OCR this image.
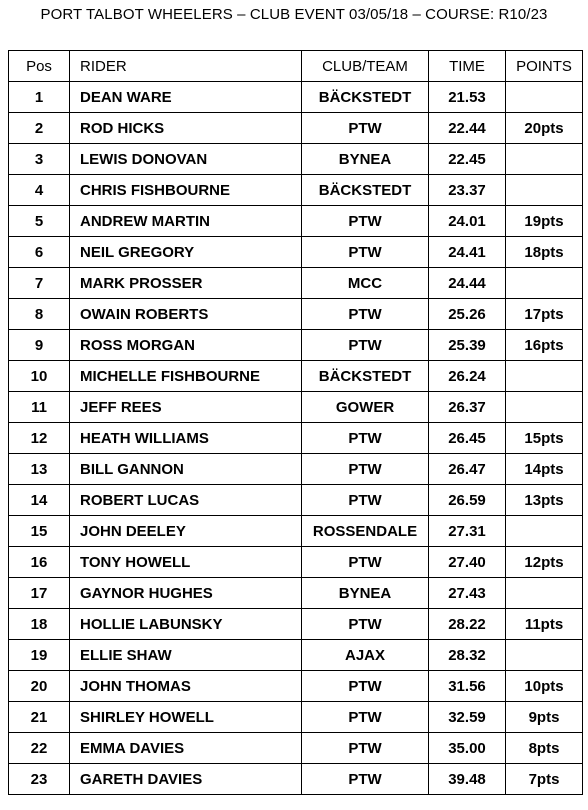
PORT TALBOT WHEELERS – CLUB EVENT 03/05/18 – COURSE: R10/23
Pos	RIDER	CLUB/TEAM	TIME	POINTS
1	DEAN WARE	BÄCKSTEDT	21.53	
2	ROD HICKS	PTW	22.44	20pts
3	LEWIS DONOVAN	BYNEA	22.45	
4	CHRIS FISHBOURNE	BÄCKSTEDT	23.37	
5	ANDREW MARTIN	PTW	24.01	19pts
6	NEIL GREGORY	PTW	24.41	18pts
7	MARK PROSSER	MCC	24.44	
8	OWAIN ROBERTS	PTW	25.26	17pts
9	ROSS MORGAN	PTW	25.39	16pts
10	MICHELLE FISHBOURNE	BÄCKSTEDT	26.24	
11	JEFF REES	GOWER	26.37	
12	HEATH WILLIAMS	PTW	26.45	15pts
13	BILL GANNON	PTW	26.47	14pts
14	ROBERT LUCAS	PTW	26.59	13pts
15	JOHN DEELEY	ROSSENDALE	27.31	
16	TONY HOWELL	PTW	27.40	12pts
17	GAYNOR HUGHES	BYNEA	27.43	
18	HOLLIE LABUNSKY	PTW	28.22	11pts
19	ELLIE SHAW	AJAX	28.32	
20	JOHN THOMAS	PTW	31.56	10pts
21	SHIRLEY HOWELL	PTW	32.59	9pts
22	EMMA DAVIES	PTW	35.00	8pts
23	GARETH DAVIES	PTW	39.48	7pts
